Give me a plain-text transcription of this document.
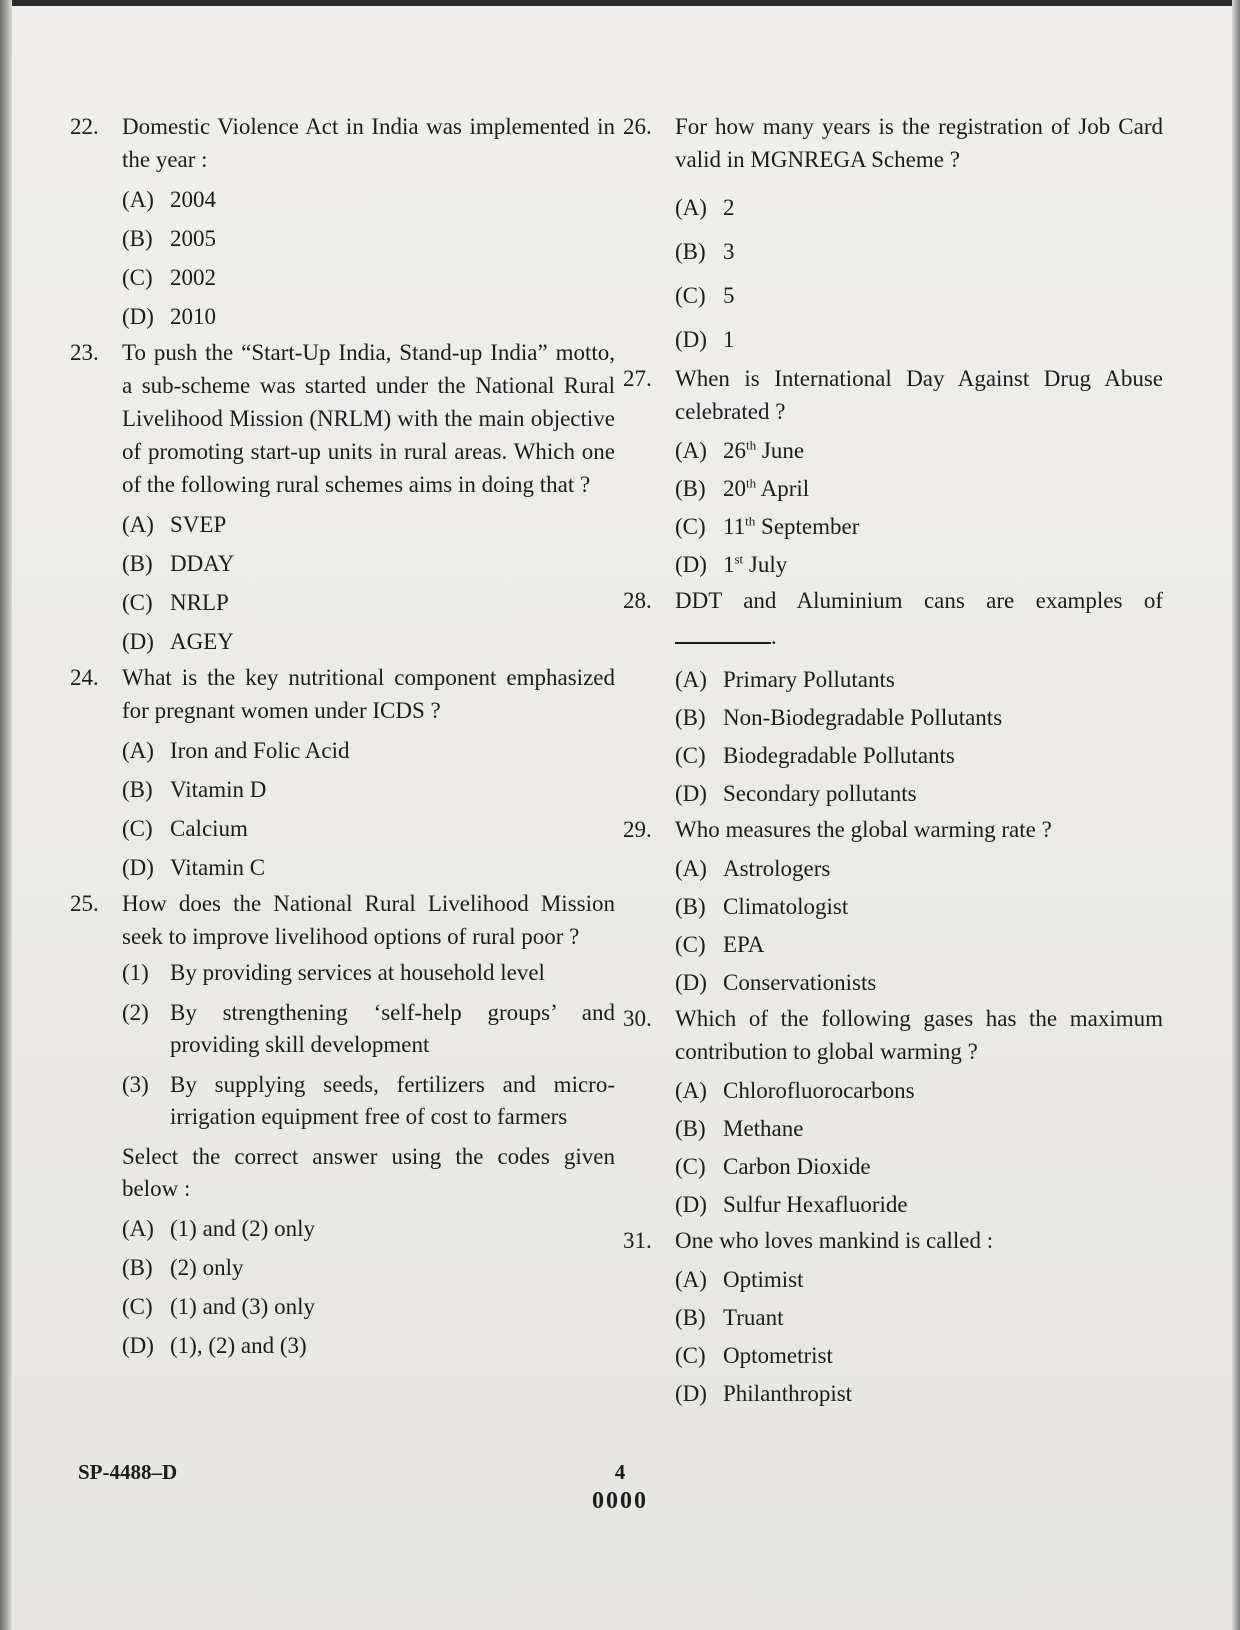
22.	Domestic Violence Act in India was implemented in the year :
(A) 2004
(B) 2005
(C) 2002
(D) 2010
23.	To push the “Start-Up India, Stand-up India” motto, a sub-scheme was started under the National Rural Livelihood Mission (NRLM) with the main objective of promoting start-up units in rural areas. Which one of the following rural schemes aims in doing that ?
(A) SVEP
(B) DDAY
(C) NRLP
(D) AGEY
24.	What is the key nutritional component emphasized for pregnant women under ICDS ?
(A) Iron and Folic Acid
(B) Vitamin D
(C) Calcium
(D) Vitamin C
25.	How does the National Rural Livelihood Mission seek to improve livelihood options of rural poor ?
(1) By providing services at household level
(2) By strengthening ‘self-help groups’ and providing skill development
(3) By supplying seeds, fertilizers and micro-irrigation equipment free of cost to farmers
Select the correct answer using the codes given below :
(A) (1) and (2) only
(B) (2) only
(C) (1) and (3) only
(D) (1), (2) and (3)
26.	For how many years is the registration of Job Card valid in MGNREGA Scheme ?
(A) 2
(B) 3
(C) 5
(D) 1
27.	When is International Day Against Drug Abuse celebrated ?
(A) 26th June
(B) 20th April
(C) 11th September
(D) 1st July
28.	DDT and Aluminium cans are examples of
.
(A) Primary Pollutants
(B) Non-Biodegradable Pollutants
(C) Biodegradable Pollutants
(D) Secondary pollutants
29.	Who measures the global warming rate ?
(A) Astrologers
(B) Climatologist
(C) EPA
(D) Conservationists
30.	Which of the following gases has the maximum contribution to global warming ?
(A) Chlorofluorocarbons
(B) Methane
(C) Carbon Dioxide
(D) Sulfur Hexafluoride
31.	One who loves mankind is called :
(A) Optimist
(B) Truant
(C) Optometrist
(D) Philanthropist
SP-4488–D	4
0000
